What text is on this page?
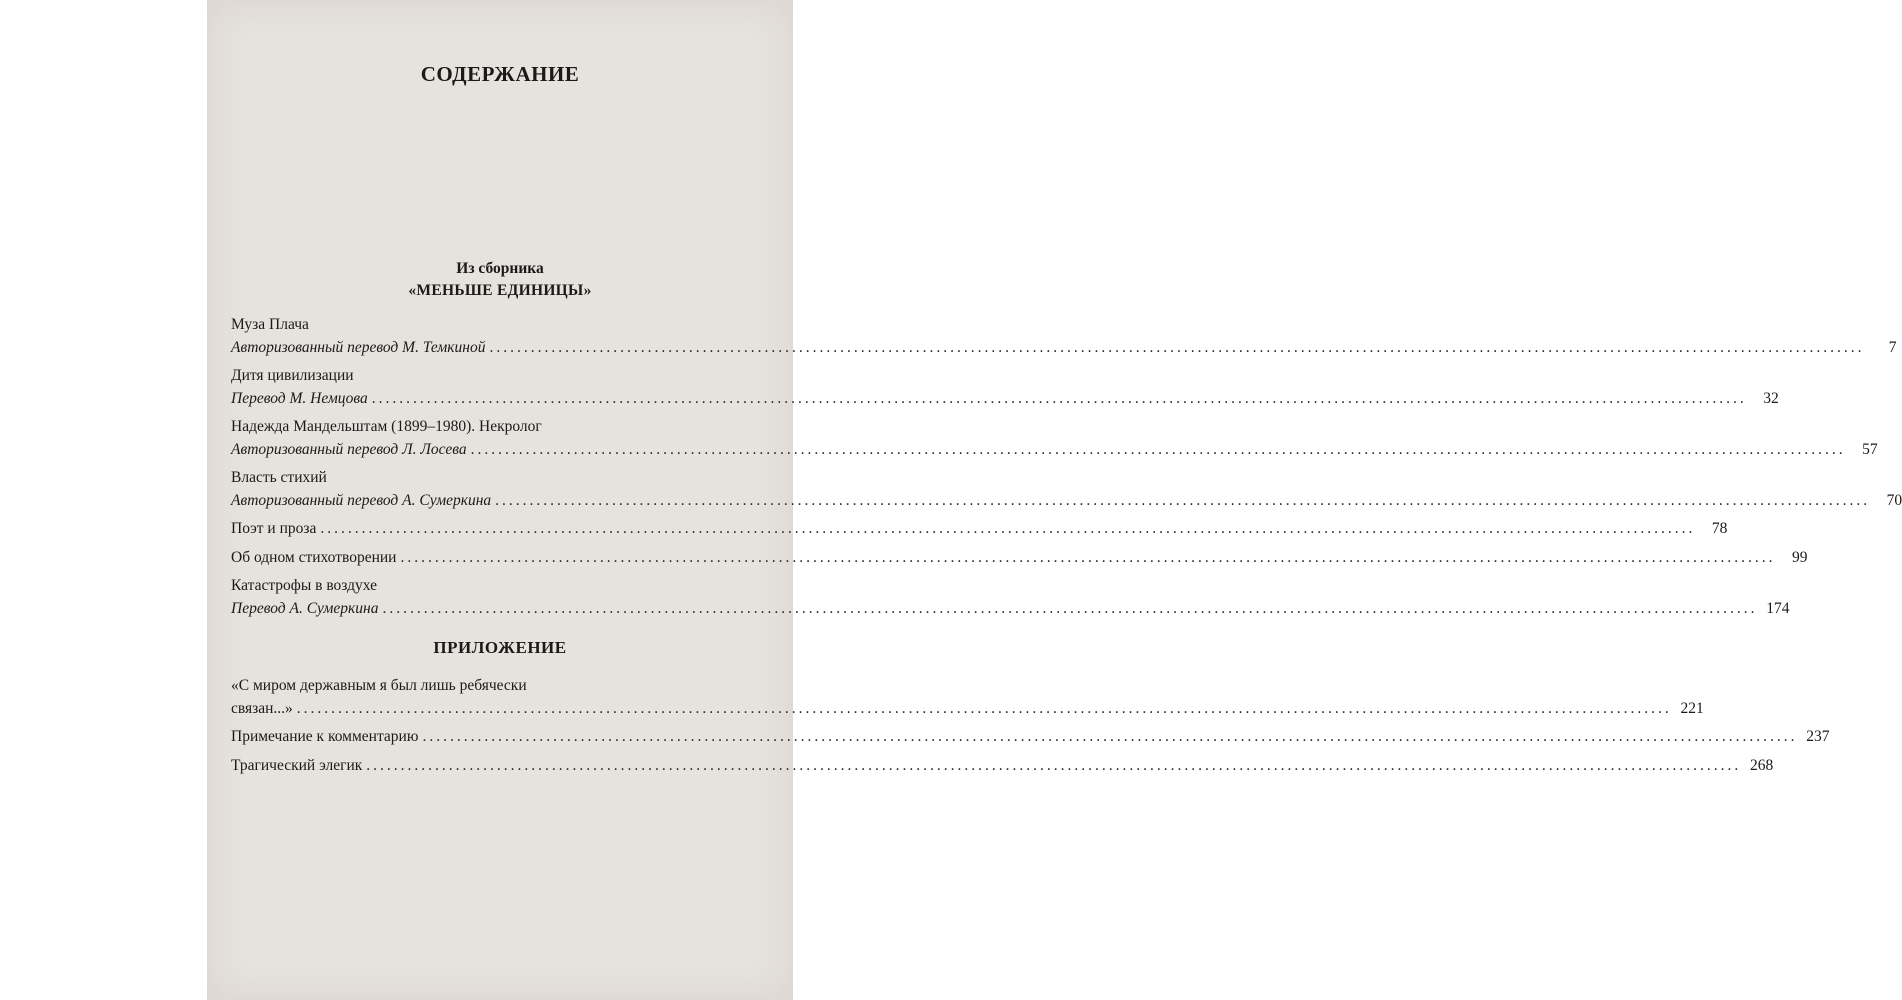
СОДЕРЖАНИЕ
Из сборника
«МЕНЬШЕ ЕДИНИЦЫ»
Муза Плача
Авторизованный перевод М. Темкиной ........................................................................................................................................................................................................	7
Дитя цивилизации
Перевод М. Немцова ........................................................................................................................................................................................................	32
Надежда Мандельштам (1899–1980). Некролог
Авторизованный перевод Л. Лосева ........................................................................................................................................................................................................	57
Власть стихий
Авторизованный перевод А. Сумеркина ........................................................................................................................................................................................................	70
Поэт и проза ........................................................................................................................................................................................................	78
Об одном стихотворении ........................................................................................................................................................................................................	99
Катастрофы в воздухе
Перевод А. Сумеркина ........................................................................................................................................................................................................ 174
ПРИЛОЖЕНИЕ
«С миром державным я был лишь ребячески
связан...» ........................................................................................................................................................................................................ 221
Примечание к комментарию ........................................................................................................................................................................................................ 237
Трагический элегик ........................................................................................................................................................................................................ 268
